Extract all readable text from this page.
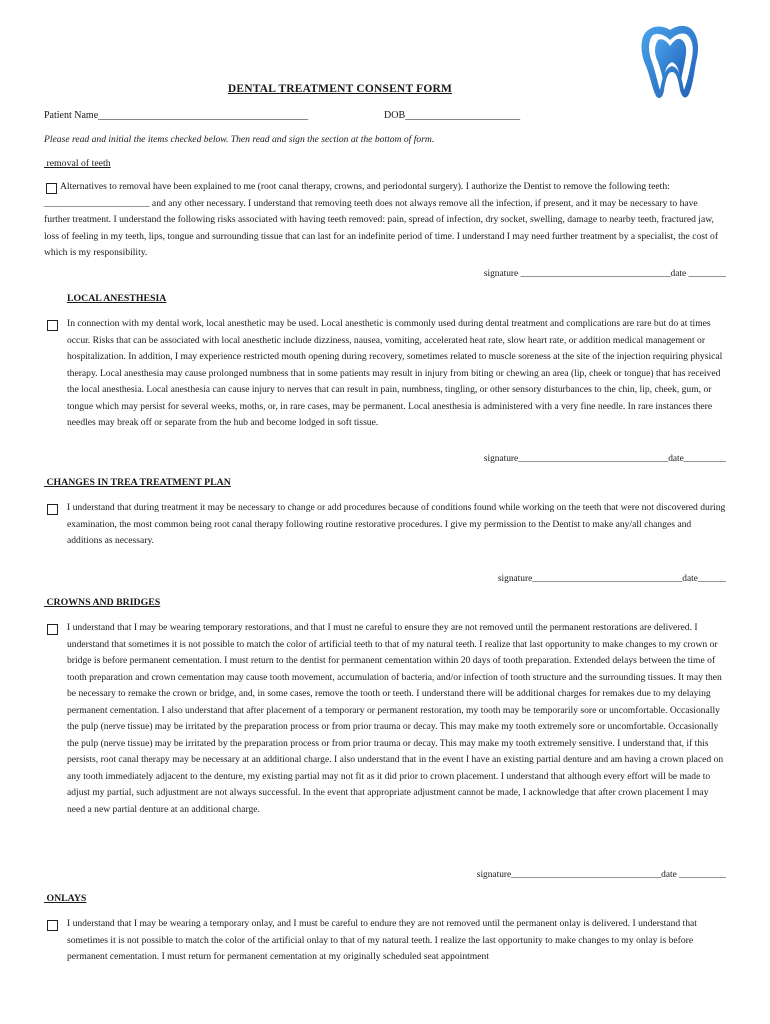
DENTAL TREATMENT CONSENT FORM
Patient Name__________________________________________	DOB_______________________
Please read and initial the items checked below. Then read and sign the section at the bottom of form.
removal of teeth
Alternatives to removal have been explained to me (root canal therapy, crowns, and periodontal surgery). I authorize the Dentist to remove the following teeth: ______________________ and any other necessary. I understand that removing teeth does not always remove all the infection, if present, and it may be necessary to have further treatment. I understand the following risks associated with having teeth removed: pain, spread of infection, dry socket, swelling, damage to nearby teeth, fractured jaw, loss of feeling in my teeth, lips, tongue and surrounding tissue that can last for an indefinite period of time. I understand I may need further treatment by a specialist, the cost of which is my responsibility.
signature ________________________________date ________
LOCAL ANESTHESIA
In connection with my dental work, local anesthetic may be used. Local anesthetic is commonly used during dental treatment and complications are rare but do at times occur. Risks that can be associated with local anesthetic include dizziness, nausea, vomiting, accelerated heat rate, slow heart rate, or addition medical management or hospitalization. In addition, I may experience restricted mouth opening during recovery, sometimes related to muscle soreness at the site of the injection requiring physical therapy. Local anesthesia may cause prolonged numbness that in some patients may result in injury from biting or chewing an area (lip, cheek or tongue) that has received the local anesthesia. Local anesthesia can cause injury to nerves that can result in pain, numbness, tingling, or other sensory disturbances to the chin, lip, cheek, gum, or tongue which may persist for several weeks, moths, or, in rare cases, may be permanent. Local anesthesia is administered with a very fine needle. In rare instances there needles may break off or separate from the hub and become lodged in soft tissue.
signature________________________________date_________
CHANGES IN TREA TREATMENT PLAN
I understand that during treatment it may be necessary to change or add procedures because of conditions found while working on the teeth that were not discovered during examination, the most common being root canal therapy following routine restorative procedures. I give my permission to the Dentist to make any/all changes and additions as necessary.
signature________________________________date______
CROWNS AND BRIDGES
I understand that I may be wearing temporary restorations, and that I must ne careful to ensure they are not removed until the permanent restorations are delivered. I understand that sometimes it is not possible to match the color of artificial teeth to that of my natural teeth. I realize that last opportunity to make changes to my crown or bridge is before permanent cementation. I must return to the dentist for permanent cementation within 20 days of tooth preparation. Extended delays between the time of tooth preparation and crown cementation may cause tooth movement, accumulation of bacteria, and/or infection of tooth structure and the surrounding tissues. It may then be necessary to remake the crown or bridge, and, in some cases, remove the tooth or teeth. I understand there will be additional charges for remakes due to my delaying permanent cementation. I also understand that after placement of a temporary or permanent restoration, my tooth may be temporarily sore or uncomfortable. Occasionally the pulp (nerve tissue) may be irritated by the preparation process or from prior trauma or decay. This may make my tooth extremely sore or uncomfortable. Occasionally the pulp (nerve tissue) may be irritated by the preparation process or from prior trauma or decay. This may make my tooth extremely sensitive. I understand that, if this persists, root canal therapy may be necessary at an additional charge. I also understand that in the event I have an existing partial denture and am having a crown placed on any tooth immediately adjacent to the denture, my existing partial may not fit as it did prior to crown placement. I understand that although every effort will be made to adjust my partial, such adjustment are not always successful. In the event that appropriate adjustment cannot be made, I acknowledge that after crown placement I may need a new partial denture at an additional charge.
signature________________________________date __________
ONLAYS
I understand that I may be wearing a temporary onlay, and I must be careful to endure they are not removed until the permanent onlay is delivered. I understand that sometimes it is not possible to match the color of the artificial onlay to that of my natural teeth. I realize the last opportunity to make changes to my onlay is before permanent cementation. I must return for permanent cementation at my originally scheduled seat appointment
